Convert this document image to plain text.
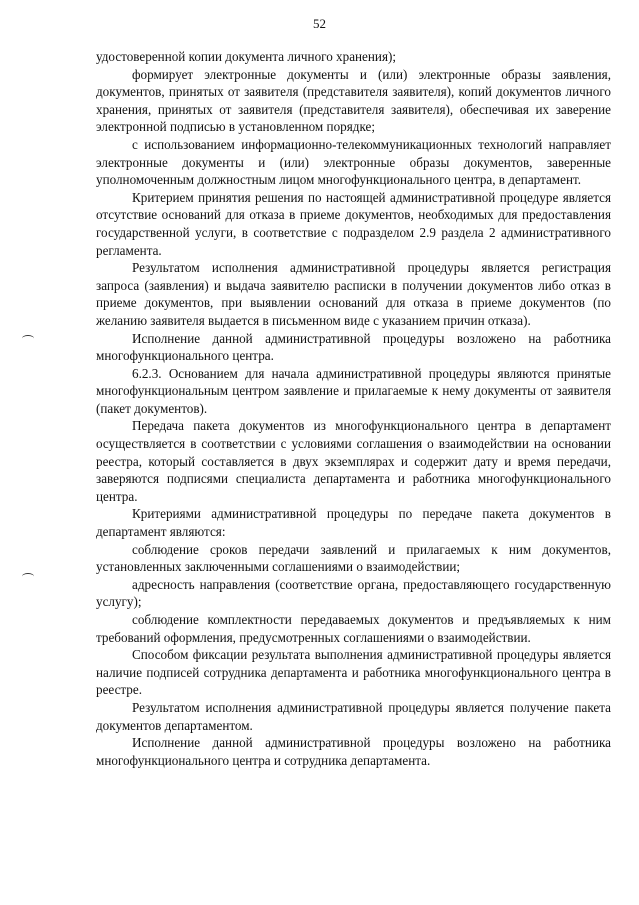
52

удостоверенной копии документа личного хранения);

формирует электронные документы и (или) электронные образы заявления, документов, принятых от заявителя (представителя заявителя), копий документов личного хранения, принятых от заявителя (представителя заявителя), обеспечивая их заверение электронной подписью в установленном порядке;

с использованием информационно-телекоммуникационных технологий направляет электронные документы и (или) электронные образы документов, заверенные уполномоченным должностным лицом многофункционального центра, в департамент.

Критерием принятия решения по настоящей административной процедуре является отсутствие оснований для отказа в приеме документов, необходимых для предоставления государственной услуги, в соответствие с подразделом 2.9 раздела 2 административного регламента.

Результатом исполнения административной процедуры является регистрация запроса (заявления) и выдача заявителю расписки в получении документов либо отказ в приеме документов, при выявлении оснований для отказа в приеме документов (по желанию заявителя выдается в письменном виде с указанием причин отказа).

Исполнение данной административной процедуры возложено на работника многофункционального центра.

6.2.3. Основанием для начала административной процедуры являются принятые многофункциональным центром заявление и прилагаемые к нему документы от заявителя (пакет документов).

Передача пакета документов из многофункционального центра в департамент осуществляется в соответствии с условиями соглашения о взаимодействии на основании реестра, который составляется в двух экземплярах и содержит дату и время передачи, заверяются подписями специалиста департамента и работника многофункционального центра.

Критериями административной процедуры по передаче пакета документов в департамент являются:

соблюдение сроков передачи заявлений и прилагаемых к ним документов, установленных заключенными соглашениями о взаимодействии;

адресность направления (соответствие органа, предоставляющего государственную услугу);

соблюдение комплектности передаваемых документов и предъявляемых к ним требований оформления, предусмотренных соглашениями о взаимодействии.

Способом фиксации результата выполнения административной процедуры является наличие подписей сотрудника департамента и работника многофункционального центра в реестре.

Результатом исполнения административной процедуры является получение пакета документов департаментом.

Исполнение данной административной процедуры возложено на работника многофункционального центра и сотрудника департамента.
